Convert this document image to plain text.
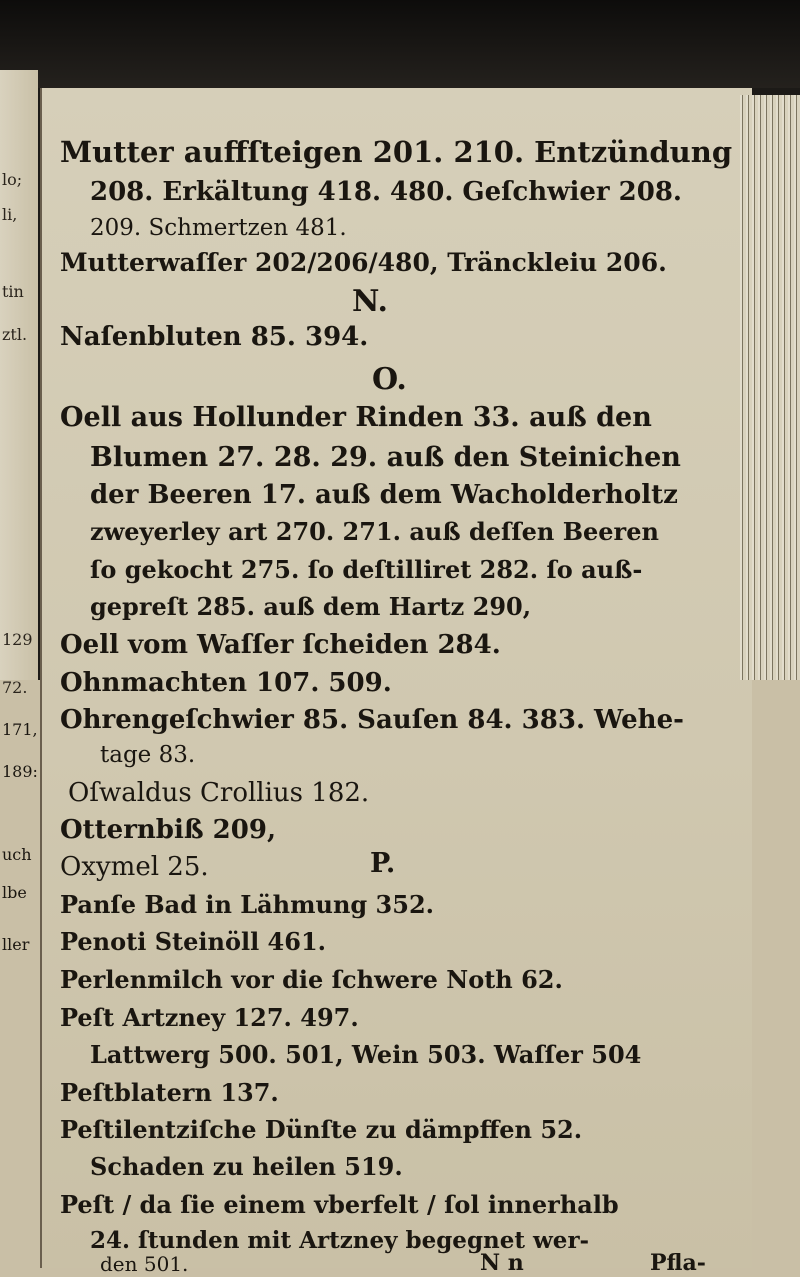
lo;
li,
tin
ztl.
129
72.
171,
189:
uch
lbe
ller
Mutter auffſteigen 201. 210. Entzündung
208. Erkältung 418. 480. Geſchwier 208.
209. Schmertzen 481.
Mutterwaſſer 202/206/480, Tränckleiu 206.
N.
Naſenbluten 85. 394.
O.
Oell aus Hollunder Rinden 33. auß den
Blumen 27. 28. 29. auß den Steinichen
der Beeren 17. auß dem Wacholderholtz
zweyerley art 270. 271. auß deſſen Beeren
ſo gekocht 275. ſo deſtilliret 282. ſo auß-
gepreſt 285. auß dem Hartz 290,
Oell vom Waſſer ſcheiden 284.
Ohnmachten 107. 509.
Ohrengeſchwier 85. Sauſen 84. 383. Wehe-
tage 83.
Oſwaldus Crollius 182.
Otternbiß 209,
Oxymel 25.	P.
Panſe Bad in Lähmung 352.
Penoti Steinöll 461.
Perlenmilch vor die ſchwere Noth 62.
Peſt Artzney 127. 497.
Lattwerg 500. 501, Wein 503. Waſſer 504
Peſtblatern 137.
Peſtilentziſche Dünſte zu dämpffen 52.
Schaden zu heilen 519.
Peſt / da ſie einem vberfelt / ſol innerhalb
24. ſtunden mit Artzney begegnet wer-
den 501.	N n	Pfla-
